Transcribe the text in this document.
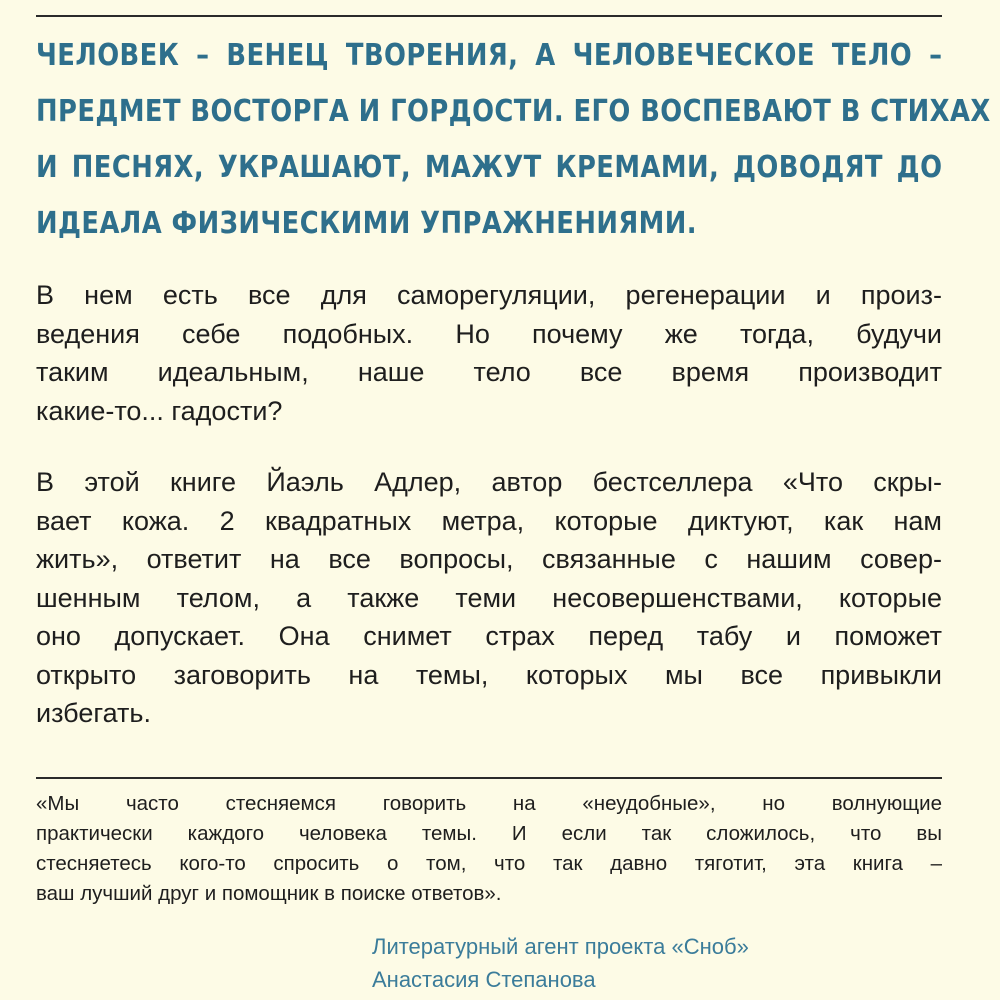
ЧЕЛОВЕК – ВЕНЕЦ ТВОРЕНИЯ, А ЧЕЛОВЕЧЕСКОЕ ТЕЛО –
ПРЕДМЕТ ВОСТОРГА И ГОРДОСТИ. ЕГО ВОСПЕВАЮТ В СТИХАХ
И ПЕСНЯХ, УКРАШАЮТ, МАЖУТ КРЕМАМИ, ДОВОДЯТ ДО
ИДЕАЛА ФИЗИЧЕСКИМИ УПРАЖНЕНИЯМИ.

В нем есть все для саморегуляции, регенерации и произ-
ведения себе подобных. Но почему же тогда, будучи
таким идеальным, наше тело все время производит
какие-то... гадости?

В этой книге Йаэль Адлер, автор бестселлера «Что скры-
вает кожа. 2 квадратных метра, которые диктуют, как нам
жить», ответит на все вопросы, связанные с нашим совер-
шенным телом, а также теми несовершенствами, которые
оно допускает. Она снимет страх перед табу и поможет
открыто заговорить на темы, которых мы все привыкли
избегать.

«Мы часто стесняемся говорить на «неудобные», но волнующие
практически каждого человека темы. И если так сложилось, что вы
стесняетесь кого-то спросить о том, что так давно тяготит, эта книга –
ваш лучший друг и помощник в поиске ответов».

Литературный агент проекта «Сноб»
Анастасия Степанова
